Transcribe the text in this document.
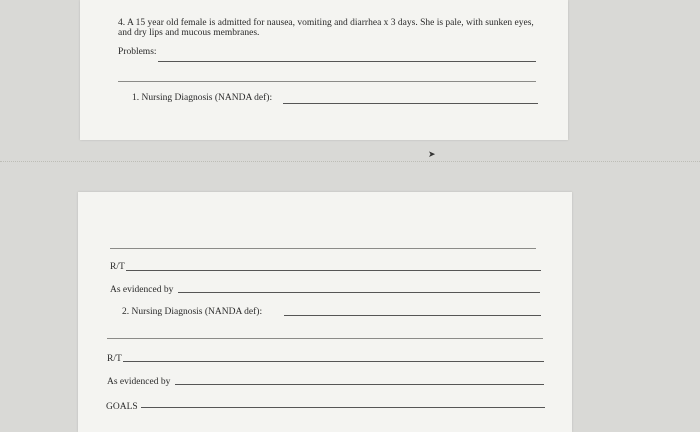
➤
4. A 15 year old female is admitted for nausea, vomiting and diarrhea x 3 days. She is pale, with sunken eyes,
and dry lips and mucous membranes.
Problems:
1. Nursing Diagnosis (NANDA def):
R/T
As evidenced by
2. Nursing Diagnosis (NANDA def):
R/T
As evidenced by
GOALS
